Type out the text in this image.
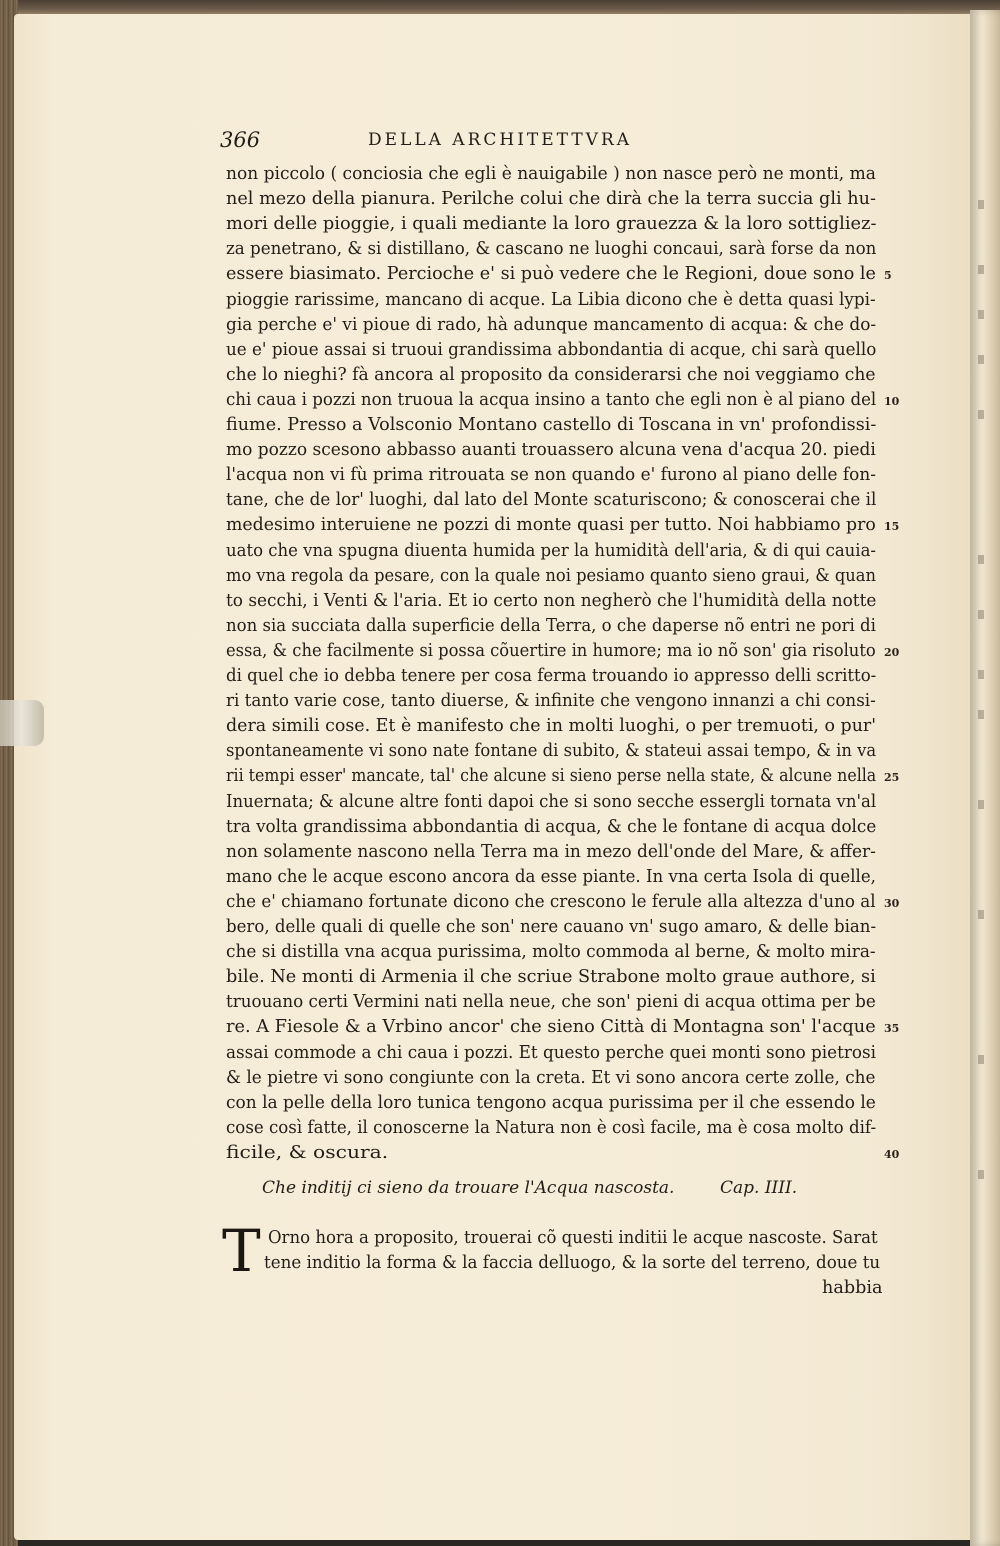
366	DELLA ARCHITETTVRA
non piccolo ( conciosia che egli è nauigabile ) non nasce però ne monti, ma
nel mezo della pianura. Perilche colui che dirà che la terra succia gli hu-
mori delle pioggie, i quali mediante la loro grauezza & la loro sottigliez-
za penetrano, & si distillano, & cascano ne luoghi concaui, sarà forse da non
essere biasimato. Percioche e' si può vedere che le Regioni, doue sono le
pioggie rarissime, mancano di acque. La Libia dicono che è detta quasi lypi-
gia perche e' vi pioue di rado, hà adunque mancamento di acqua: & che do-
ue e' pioue assai si truoui grandissima abbondantia di acque, chi sarà quello
che lo nieghi? fà ancora al proposito da considerarsi che noi veggiamo che
chi caua i pozzi non truoua la acqua insino a tanto che egli non è al piano del
fiume. Presso a Volsconio Montano castello di Toscana in vn' profondissi-
mo pozzo scesono abbasso auanti trouassero alcuna vena d'acqua 20. piedi
l'acqua non vi fù prima ritrouata se non quando e' furono al piano delle fon-
tane, che de lor' luoghi, dal lato del Monte scaturiscono; & conoscerai che il
medesimo interuiene ne pozzi di monte quasi per tutto. Noi habbiamo pro
uato che vna spugna diuenta humida per la humidità dell'aria, & di qui cauia-
mo vna regola da pesare, con la quale noi pesiamo quanto sieno graui, & quan
to secchi, i Venti & l'aria. Et io certo non negherò che l'humidità della notte
non sia succiata dalla superficie della Terra, o che daperse nõ entri ne pori di
essa, & che facilmente si possa cõuertire in humore; ma io nõ son' gia risoluto
di quel che io debba tenere per cosa ferma trouando io appresso delli scritto-
ri tanto varie cose, tanto diuerse, & infinite che vengono innanzi a chi consi-
dera simili cose. Et è manifesto che in molti luoghi, o per tremuoti, o pur'
spontaneamente vi sono nate fontane di subito, & stateui assai tempo, & in va
rii tempi esser' mancate, tal' che alcune si sieno perse nella state, & alcune nella
Inuernata; & alcune altre fonti dapoi che si sono secche essergli tornata vn'al
tra volta grandissima abbondantia di acqua, & che le fontane di acqua dolce
non solamente nascono nella Terra ma in mezo dell'onde del Mare, & affer-
mano che le acque escono ancora da esse piante. In vna certa Isola di quelle,
che e' chiamano fortunate dicono che crescono le ferule alla altezza d'uno al
bero, delle quali di quelle che son' nere cauano vn' sugo amaro, & delle bian-
che si distilla vna acqua purissima, molto commoda al berne, & molto mira-
bile. Ne monti di Armenia il che scriue Strabone molto graue authore, si
truouano certi Vermini nati nella neue, che son' pieni di acqua ottima per be
re. A Fiesole & a Vrbino ancor' che sieno Città di Montagna son' l'acque
assai commode a chi caua i pozzi. Et questo perche quei monti sono pietrosi
& le pietre vi sono congiunte con la creta. Et vi sono ancora certe zolle, che
con la pelle della loro tunica tengono acqua purissima per il che essendo le
cose così fatte, il conoscerne la Natura non è così facile, ma è cosa molto dif-
ficile, & oscura.
5
10
15
20
25
30
35
40
Che inditij ci sieno da trouare l'Acqua nascosta.	Cap. IIII.
T Orno hora a proposito, trouerai cõ questi inditii le acque nascoste. Sarat
tene inditio la forma & la faccia delluogo, & la sorte del terreno, doue tu
habbia
